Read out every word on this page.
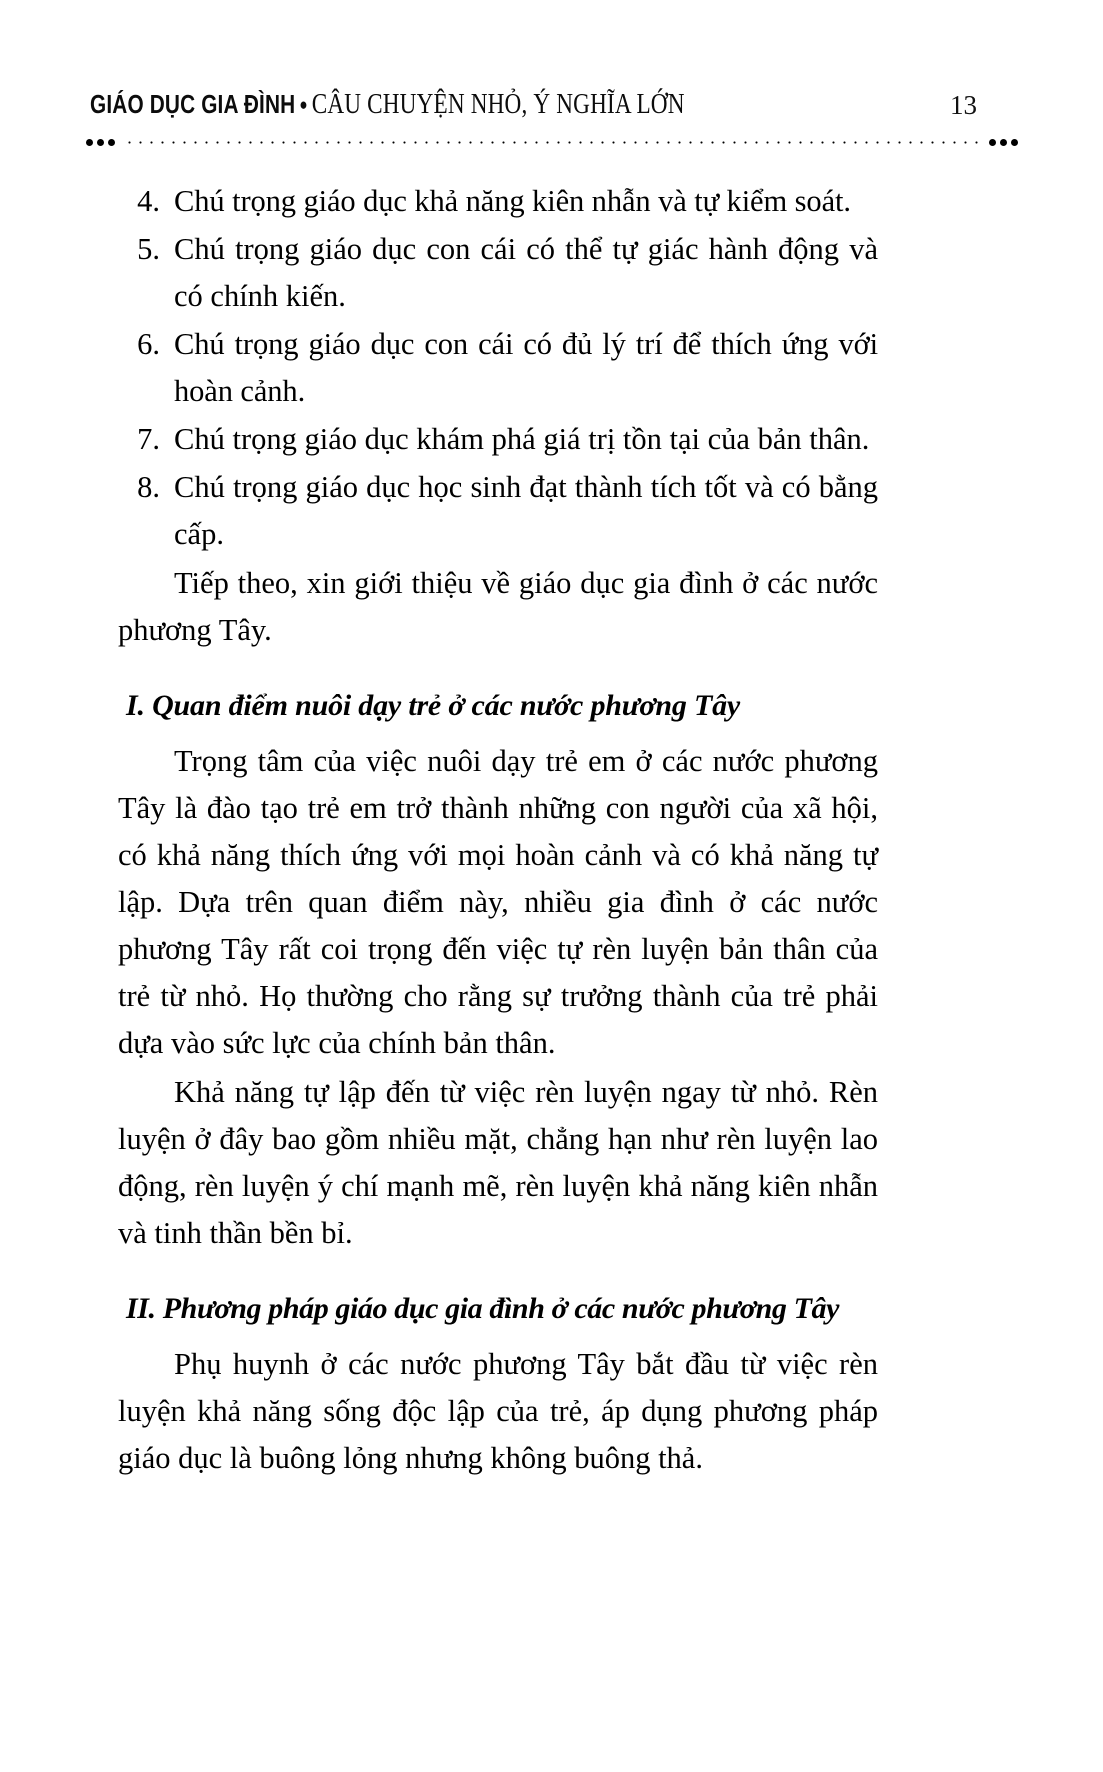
GIÁO DỤC GIA ĐÌNH ● CÂU CHUYỆN NHỎ, Ý NGHĨA LỚN	13
4. Chú trọng giáo dục khả năng kiên nhẫn và tự kiểm soát.
5. Chú trọng giáo dục con cái có thể tự giác hành động và có chính kiến.
6. Chú trọng giáo dục con cái có đủ lý trí để thích ứng với hoàn cảnh.
7. Chú trọng giáo dục khám phá giá trị tồn tại của bản thân.
8. Chú trọng giáo dục học sinh đạt thành tích tốt và có bằng cấp.

Tiếp theo, xin giới thiệu về giáo dục gia đình ở các nước phương Tây.

I. Quan điểm nuôi dạy trẻ ở các nước phương Tây

Trọng tâm của việc nuôi dạy trẻ em ở các nước phương Tây là đào tạo trẻ em trở thành những con người của xã hội, có khả năng thích ứng với mọi hoàn cảnh và có khả năng tự lập. Dựa trên quan điểm này, nhiều gia đình ở các nước phương Tây rất coi trọng đến việc tự rèn luyện bản thân của trẻ từ nhỏ. Họ thường cho rằng sự trưởng thành của trẻ phải dựa vào sức lực của chính bản thân.

Khả năng tự lập đến từ việc rèn luyện ngay từ nhỏ. Rèn luyện ở đây bao gồm nhiều mặt, chẳng hạn như rèn luyện lao động, rèn luyện ý chí mạnh mẽ, rèn luyện khả năng kiên nhẫn và tinh thần bền bỉ.

II. Phương pháp giáo dục gia đình ở các nước phương Tây

Phụ huynh ở các nước phương Tây bắt đầu từ việc rèn luyện khả năng sống độc lập của trẻ, áp dụng phương pháp giáo dục là buông lỏng nhưng không buông thả.
